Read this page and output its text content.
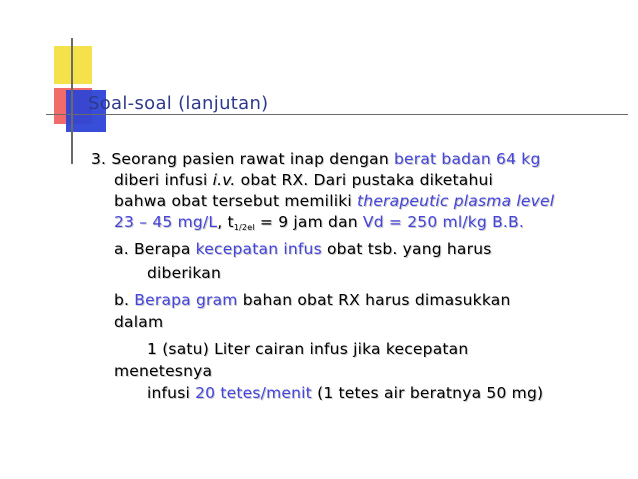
Soal-soal (lanjutan)
3. Seorang pasien rawat inap dengan berat badan 64 kg
diberi infusi i.v. obat RX. Dari pustaka diketahui
bahwa obat tersebut memiliki therapeutic plasma level
23 – 45 mg/L, $t_{1/2el} = 9$ jam dan Vd = 250 ml/kg B.B.
a. Berapa kecepatan infus obat tsb. yang harus
diberikan
b. Berapa gram bahan obat RX harus dimasukkan
dalam
1 (satu) Liter cairan infus jika kecepatan
menetesnya
infusi 20 tetes/menit (1 tetes air beratnya 50 mg)
